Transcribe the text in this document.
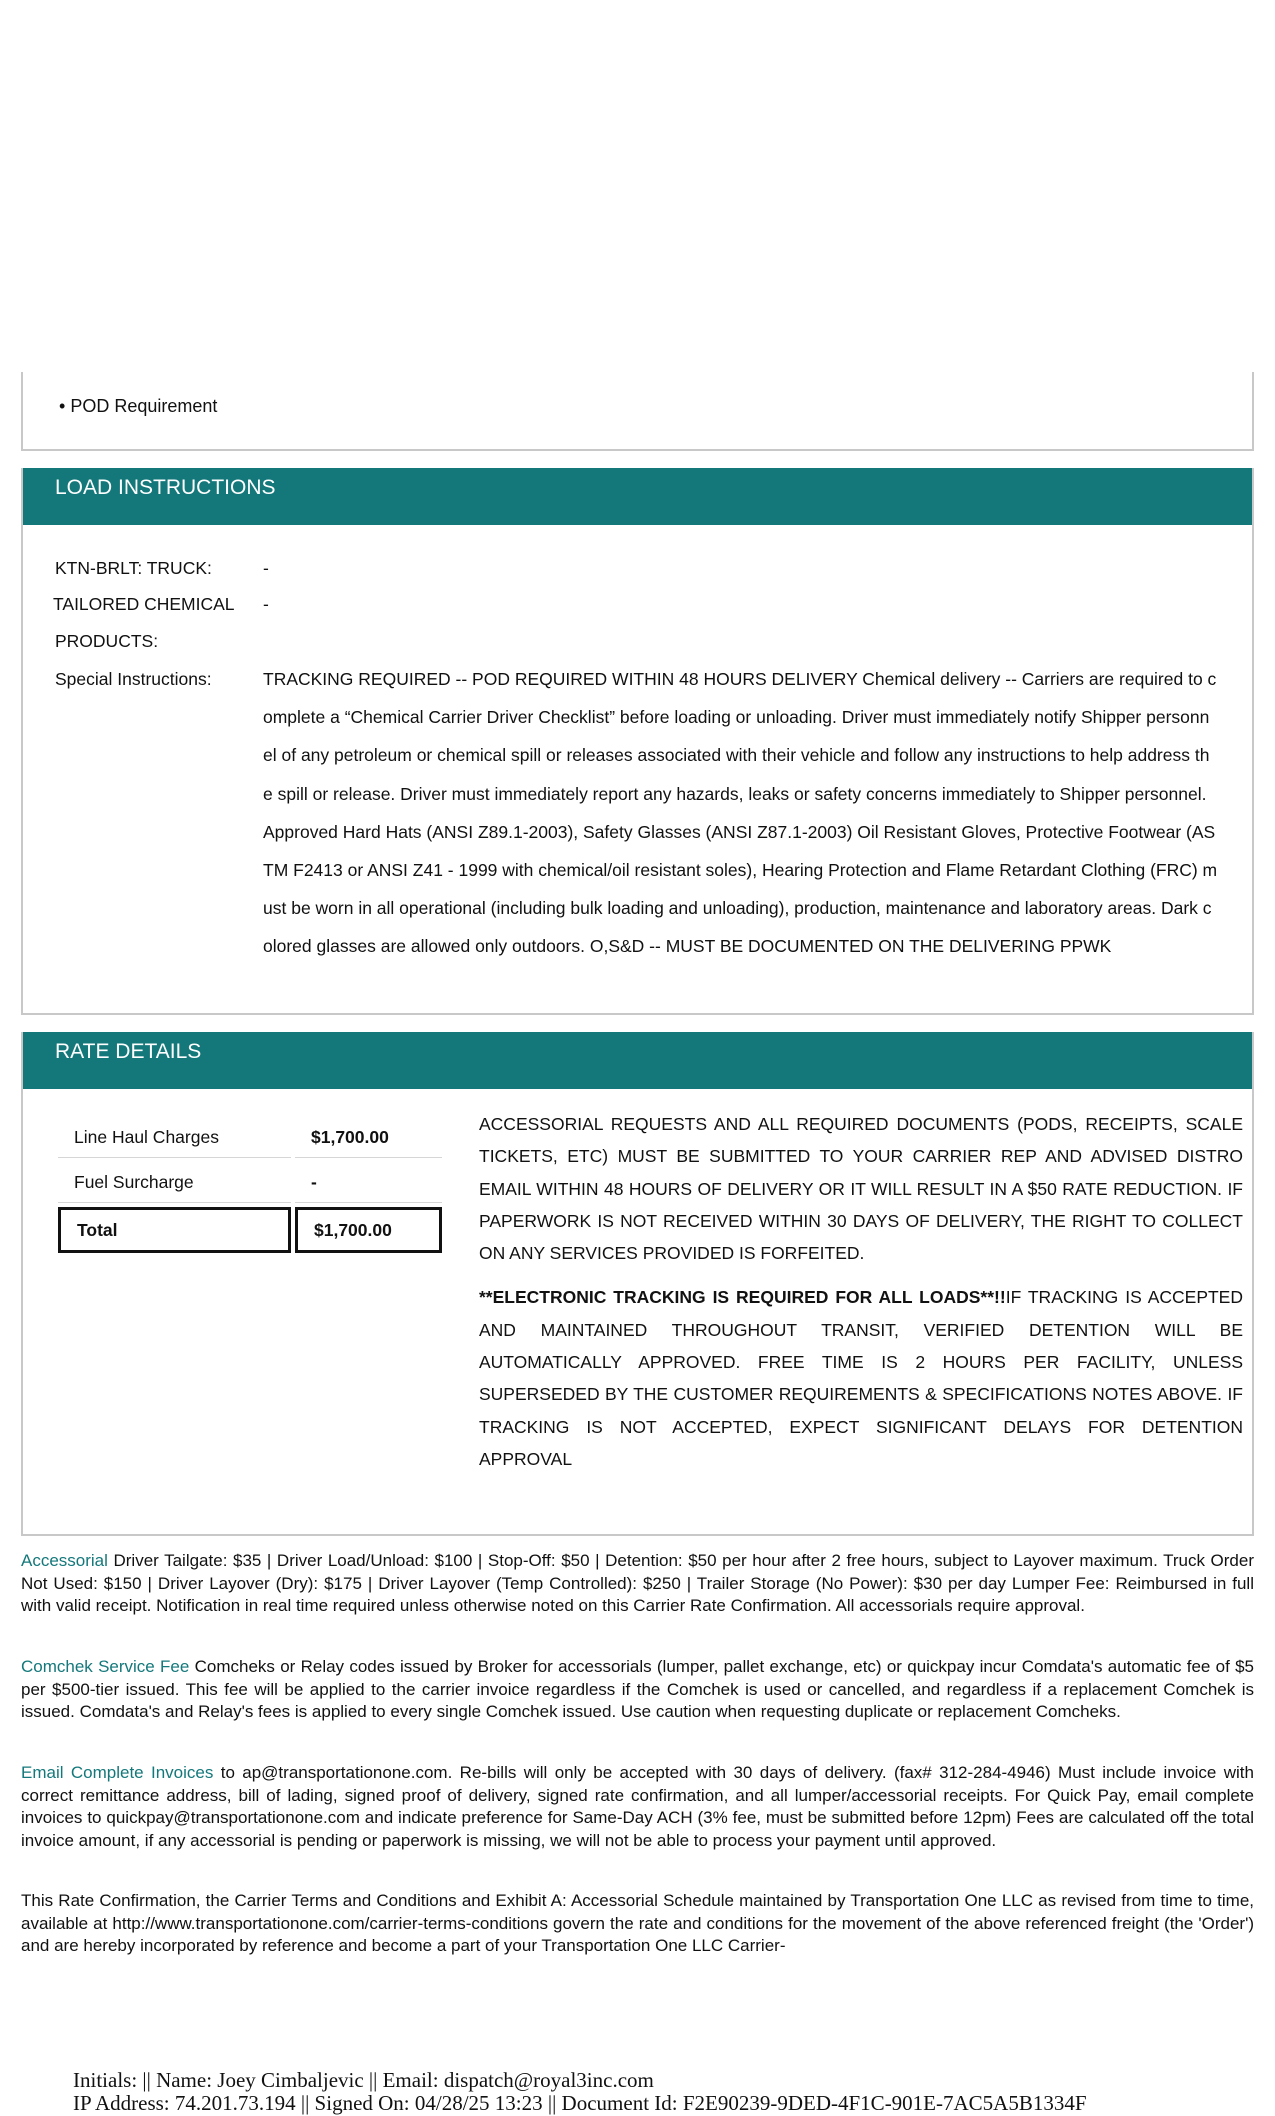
• POD Requirement
LOAD INSTRUCTIONS
KTN-BRLT: TRUCK:	-
TAILORED CHEMICAL	-
PRODUCTS:
Special Instructions:	TRACKING REQUIRED -- POD REQUIRED WITHIN 48 HOURS DELIVERY Chemical delivery -- Carriers are required to complete a “Chemical Carrier Driver Checklist” before loading or unloading. Driver must immediately notify Shipper personnel of any petroleum or chemical spill or releases associated with their vehicle and follow any instructions to help address the spill or release. Driver must immediately report any hazards, leaks or safety concerns immediately to Shipper personnel. Approved Hard Hats (ANSI Z89.1-2003), Safety Glasses (ANSI Z87.1-2003) Oil Resistant Gloves, Protective Footwear (ASTM F2413 or ANSI Z41 - 1999 with chemical/oil resistant soles), Hearing Protection and Flame Retardant Clothing (FRC) must be worn in all operational (including bulk loading and unloading), production, maintenance and laboratory areas. Dark colored glasses are allowed only outdoors. O,S&D -- MUST BE DOCUMENTED ON THE DELIVERING PPWK
RATE DETAILS
Line Haul Charges	$1,700.00
Fuel Surcharge	-
Total	$1,700.00

ACCESSORIAL REQUESTS AND ALL REQUIRED DOCUMENTS (PODS, RECEIPTS, SCALE TICKETS, ETC) MUST BE SUBMITTED TO YOUR CARRIER REP AND ADVISED DISTRO EMAIL WITHIN 48 HOURS OF DELIVERY OR IT WILL RESULT IN A $50 RATE REDUCTION. IF PAPERWORK IS NOT RECEIVED WITHIN 30 DAYS OF DELIVERY, THE RIGHT TO COLLECT ON ANY SERVICES PROVIDED IS FORFEITED.

**ELECTRONIC TRACKING IS REQUIRED FOR ALL LOADS**!!IF TRACKING IS ACCEPTED AND MAINTAINED THROUGHOUT TRANSIT, VERIFIED DETENTION WILL BE AUTOMATICALLY APPROVED. FREE TIME IS 2 HOURS PER FACILITY, UNLESS SUPERSEDED BY THE CUSTOMER REQUIREMENTS & SPECIFICATIONS NOTES ABOVE. IF TRACKING IS NOT ACCEPTED, EXPECT SIGNIFICANT DELAYS FOR DETENTION APPROVAL

Accessorial Driver Tailgate: $35 | Driver Load/Unload: $100 | Stop-Off: $50 | Detention: $50 per hour after 2 free hours, subject to Layover maximum. Truck Order Not Used: $150 | Driver Layover (Dry): $175 | Driver Layover (Temp Controlled): $250 | Trailer Storage (No Power): $30 per day Lumper Fee: Reimbursed in full with valid receipt. Notification in real time required unless otherwise noted on this Carrier Rate Confirmation. All accessorials require approval.
Comchek Service Fee Comcheks or Relay codes issued by Broker for accessorials (lumper, pallet exchange, etc) or quickpay incur Comdata's automatic fee of $5 per $500-tier issued. This fee will be applied to the carrier invoice regardless if the Comchek is used or cancelled, and regardless if a replacement Comchek is issued. Comdata's and Relay's fees is applied to every single Comchek issued. Use caution when requesting duplicate or replacement Comcheks.
Email Complete Invoices to ap@transportationone.com. Re-bills will only be accepted with 30 days of delivery. (fax# 312-284-4946) Must include invoice with correct remittance address, bill of lading, signed proof of delivery, signed rate confirmation, and all lumper/accessorial receipts. For Quick Pay, email complete invoices to quickpay@transportationone.com and indicate preference for Same-Day ACH (3% fee, must be submitted before 12pm) Fees are calculated off the total invoice amount, if any accessorial is pending or paperwork is missing, we will not be able to process your payment until approved.
This Rate Confirmation, the Carrier Terms and Conditions and Exhibit A: Accessorial Schedule maintained by Transportation One LLC as revised from time to time, available at http://www.transportationone.com/carrier-terms-conditions govern the rate and conditions for the movement of the above referenced freight (the 'Order') and are hereby incorporated by reference and become a part of your Transportation One LLC Carrier-
Initials: || Name: Joey Cimbaljevic || Email: dispatch@royal3inc.com
IP Address: 74.201.73.194 || Signed On: 04/28/25 13:23 || Document Id: F2E90239-9DED-4F1C-901E-7AC5A5B1334F
